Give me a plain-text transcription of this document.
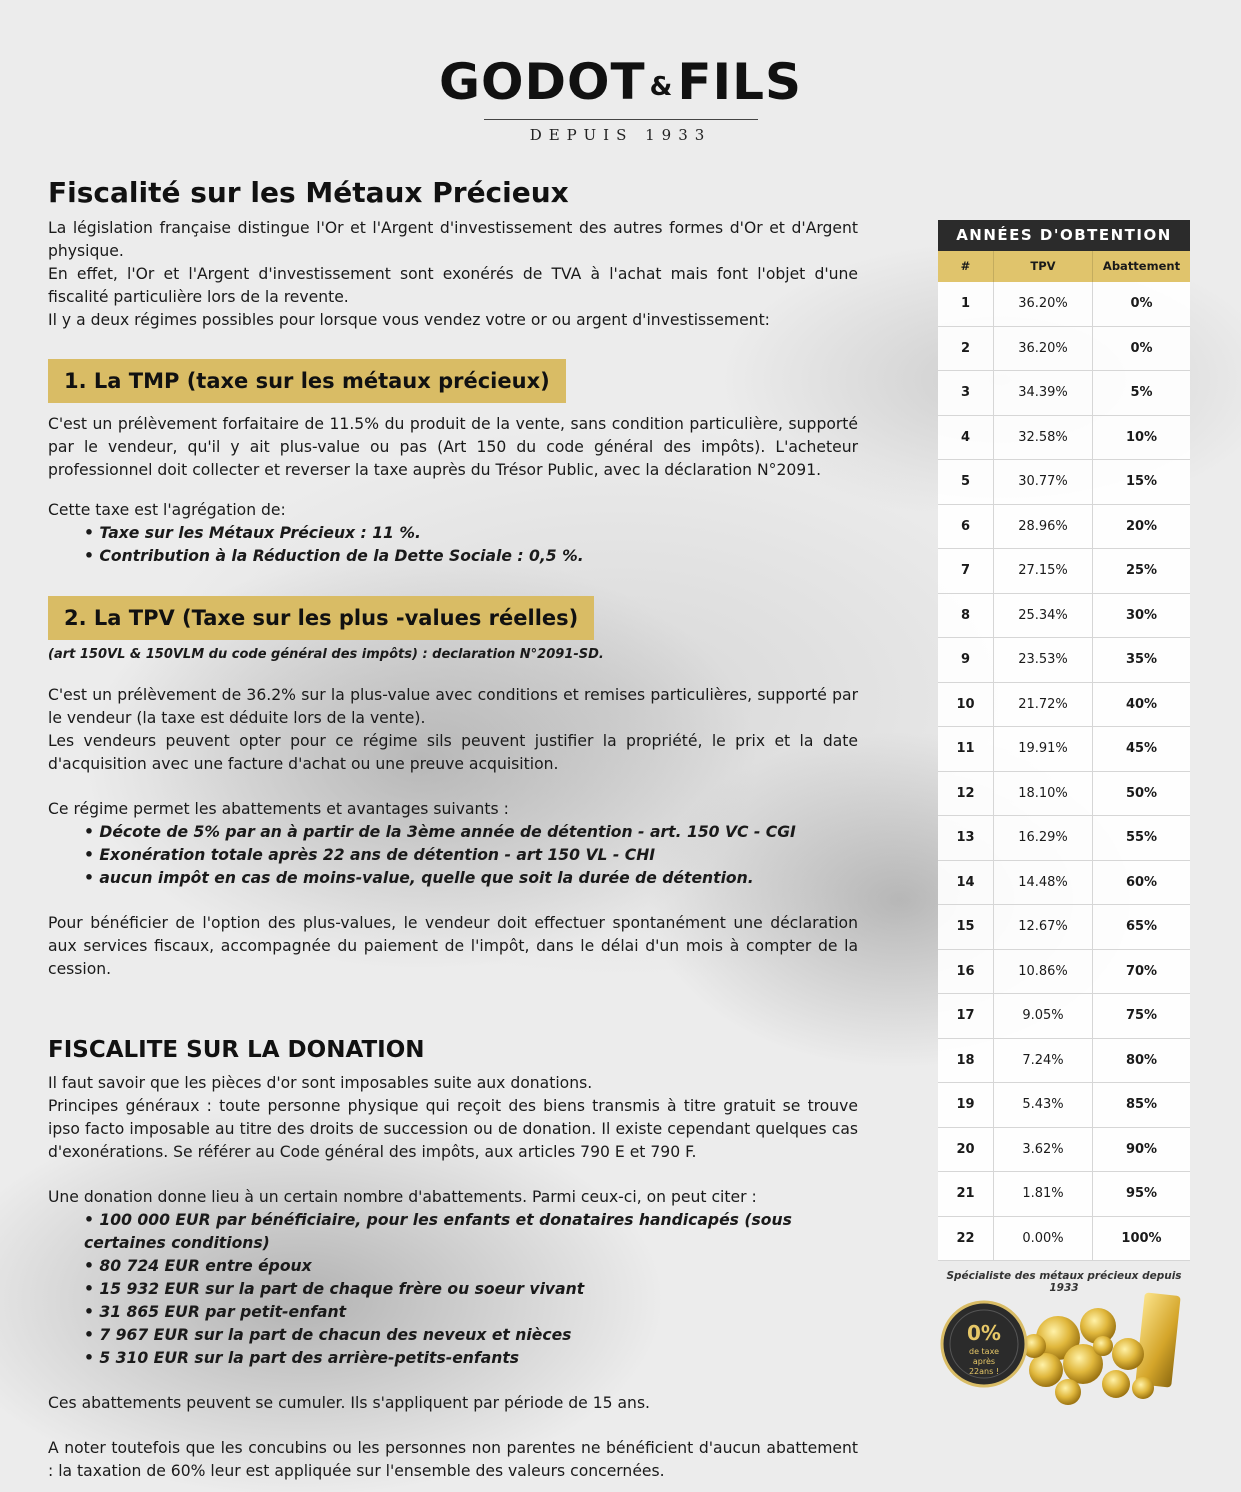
GODOT &FILS
DEPUIS 1933
Fiscalité sur les Métaux Précieux

La législation française distingue l'Or et l'Argent d'investissement des autres formes d'Or et d'Argent physique.

En effet, l'Or et l'Argent d'investissement sont exonérés de TVA à l'achat mais font l'objet d'une fiscalité particulière lors de la revente.

Il y a deux régimes possibles pour lorsque vous vendez votre or ou argent d'investissement:

1. La TMP (taxe sur les métaux précieux)

C'est un prélèvement forfaitaire de 11.5% du produit de la vente, sans condition particulière, supporté par le vendeur, qu'il y ait plus-value ou pas (Art 150 du code général des impôts). L'acheteur professionnel doit collecter et reverser la taxe auprès du Trésor Public, avec la déclaration N°2091.

Cette taxe est l'agrégation de:

• Taxe sur les Métaux Précieux : 11 %.
• Contribution à la Réduction de la Dette Sociale : 0,5 %.
2. La TPV (Taxe sur les plus -values réelles)

(art 150VL & 150VLM du code général des impôts) : declaration N°2091-SD.

C'est un prélèvement de 36.2% sur la plus-value avec conditions et remises particulières, supporté par le vendeur (la taxe est déduite lors de la vente).

Les vendeurs peuvent opter pour ce régime sils peuvent justifier la propriété, le prix et la date d'acquisition avec une facture d'achat ou une preuve acquisition.

Ce régime permet les abattements et avantages suivants :

• Décote de 5% par an à partir de la 3ème année de détention - art. 150 VC - CGI
• Exonération totale après 22 ans de détention - art 150 VL - CHI
• aucun impôt en cas de moins-value, quelle que soit la durée de détention.

Pour bénéficier de l'option des plus-values, le vendeur doit effectuer spontanément une déclaration aux services fiscaux, accompagnée du paiement de l'impôt, dans le délai d'un mois à compter de la cession.

FISCALITE SUR LA DONATION

Il faut savoir que les pièces d'or sont imposables suite aux donations.

Principes généraux : toute personne physique qui reçoit des biens transmis à titre gratuit se trouve ipso facto imposable au titre des droits de succession ou de donation. Il existe cependant quelques cas d'exonérations. Se référer au Code général des impôts, aux articles 790 E et 790 F.

Une donation donne lieu à un certain nombre d'abattements. Parmi ceux-ci, on peut citer :

• 100 000 EUR par bénéficiaire, pour les enfants et donataires handicapés (sous certaines conditions)
• 80 724 EUR entre époux
• 15 932 EUR sur la part de chaque frère ou soeur vivant
• 31 865 EUR par petit-enfant
• 7 967 EUR sur la part de chacun des neveux et nièces
• 5 310 EUR sur la part des arrière-petits-enfants

Ces abattements peuvent se cumuler. Ils s'appliquent par période de 15 ans.

A noter toutefois que les concubins ou les personnes non parentes ne bénéficient d'aucun abattement : la taxation de 60% leur est appliquée sur l'ensemble des valeurs concernées.

ANNÉES D'OBTENTION
#	TPV	Abattement
1	36.20%	0%
2	36.20%	0%
3	34.39%	5%
4	32.58%	10%
5	30.77%	15%
6	28.96%	20%
7	27.15%	25%
8	25.34%	30%
9	23.53%	35%
10	21.72%	40%
11	19.91%	45%
12	18.10%	50%
13	16.29%	55%
14	14.48%	60%
15	12.67%	65%
16	10.86%	70%
17	9.05%	75%
18	7.24%	80%
19	5.43%	85%
20	3.62%	90%
21	1.81%	95%
22	0.00%	100%
Spécialiste des métaux précieux depuis 1933
0%
de taxe
après
22ans !
